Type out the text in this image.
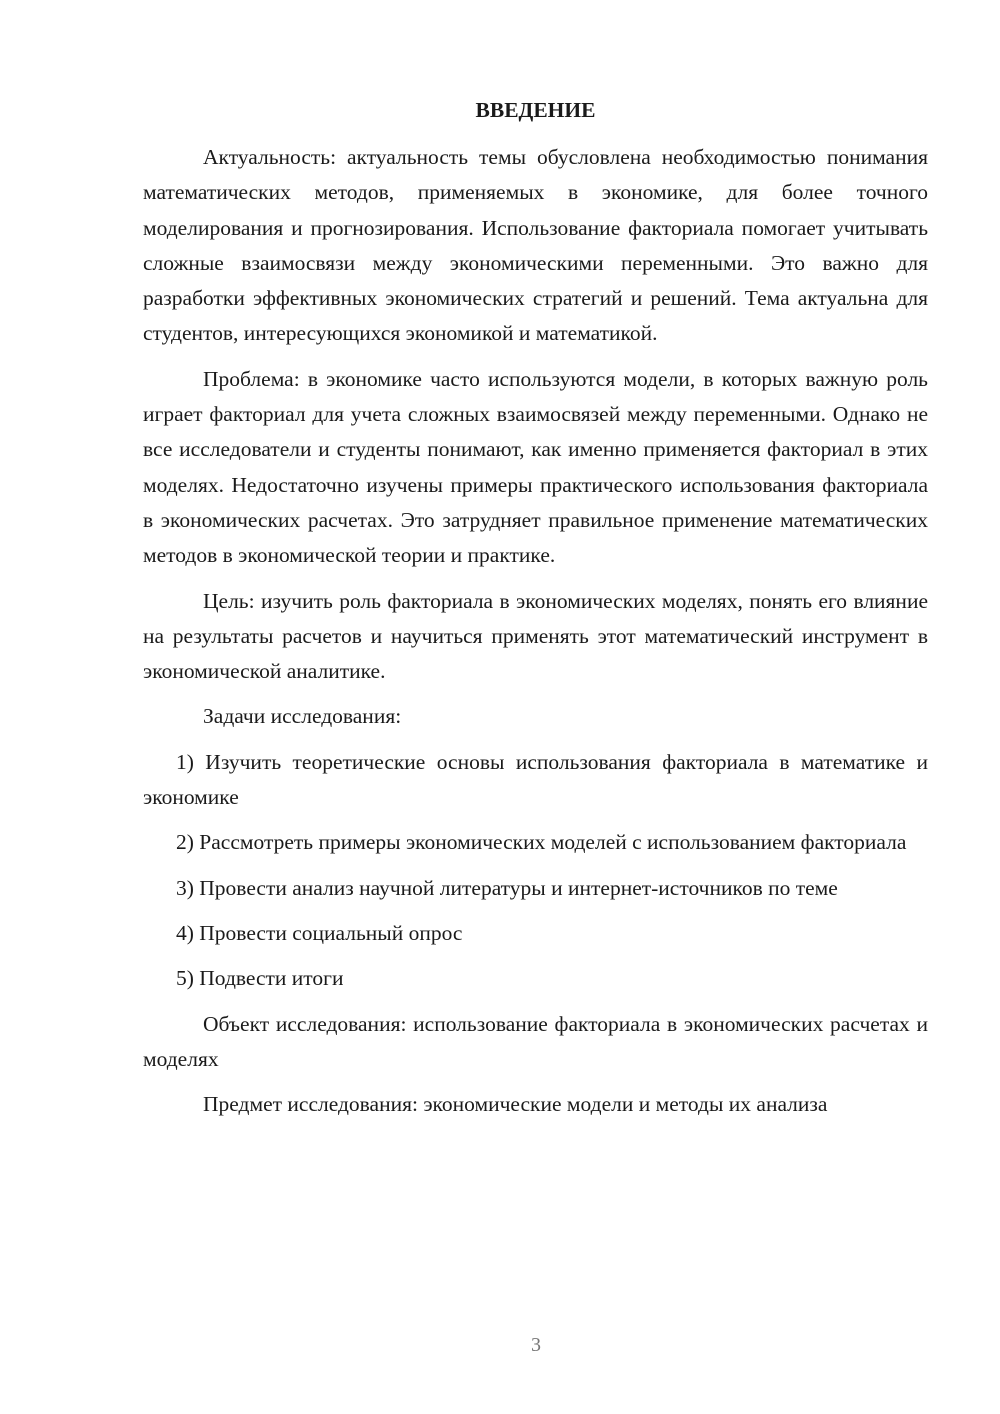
ВВЕДЕНИЕ

Актуальность: актуальность темы обусловлена необходимостью понимания математических методов, применяемых в экономике, для более точного моделирования и прогнозирования. Использование факториала помогает учитывать сложные взаимосвязи между экономическими переменными. Это важно для разработки эффективных экономических стратегий и решений. Тема актуальна для студентов, интересующихся экономикой и математикой.

Проблема: в экономике часто используются модели, в которых важную роль играет факториал для учета сложных взаимосвязей между переменными. Однако не все исследователи и студенты понимают, как именно применяется факториал в этих моделях. Недостаточно изучены примеры практического использования факториала в экономических расчетах. Это затрудняет правильное применение математических методов в экономической теории и практике.

Цель: изучить роль факториала в экономических моделях, понять его влияние на результаты расчетов и научиться применять этот математический инструмент в экономической аналитике.

Задачи исследования:

1) Изучить теоретические основы использования факториала в математике и экономике

2) Рассмотреть примеры экономических моделей с использованием факториала

3) Провести анализ научной литературы и интернет-источников по теме

4) Провести социальный опрос

5) Подвести итоги

Объект исследования: использование факториала в экономических расчетах и моделях

Предмет исследования: экономические модели и методы их анализа

3
